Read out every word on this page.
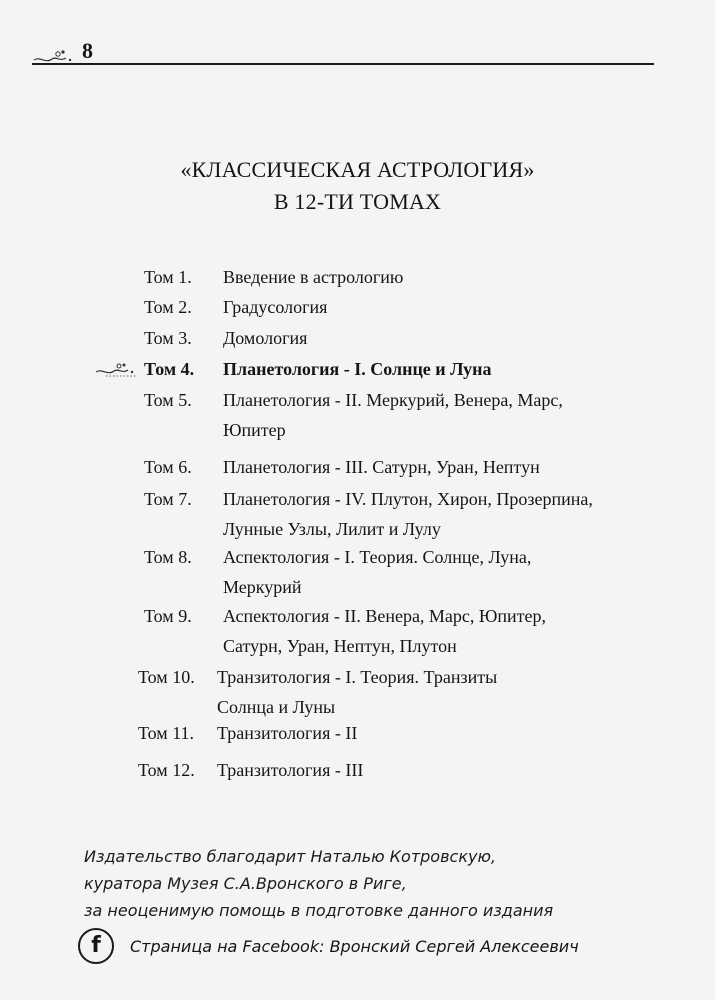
8
«КЛАССИЧЕСКАЯ АСТРОЛОГИЯ»
В 12-ТИ ТОМАХ
Том 1. Введение в астрологию
Том 2. Градусология
Том 3. Домология
Том 4. Планетология - I. Солнце и Луна
Том 5. Планетология - II. Меркурий, Венера, Марс, Юпитер
Том 6. Планетология - III. Сатурн, Уран, Нептун
Том 7. Планетология - IV. Плутон, Хирон, Прозерпина, Лунные Узлы, Лилит и Лулу
Том 8. Аспектология - I. Теория. Солнце, Луна, Меркурий
Том 9. Аспектология - II. Венера, Марс, Юпитер, Сатурн, Уран, Нептун, Плутон
Том 10. Транзитология - I. Теория. Транзиты Солнца и Луны
Том 11. Транзитология - II
Том 12. Транзитология - III
Издательство благодарит Наталью Котровскую,
куратора Музея С.А.Вронского в Риге,
за неоценимую помощь в подготовке данного издания
f	Страница на Facebook: Вронский Сергей Алексеевич
